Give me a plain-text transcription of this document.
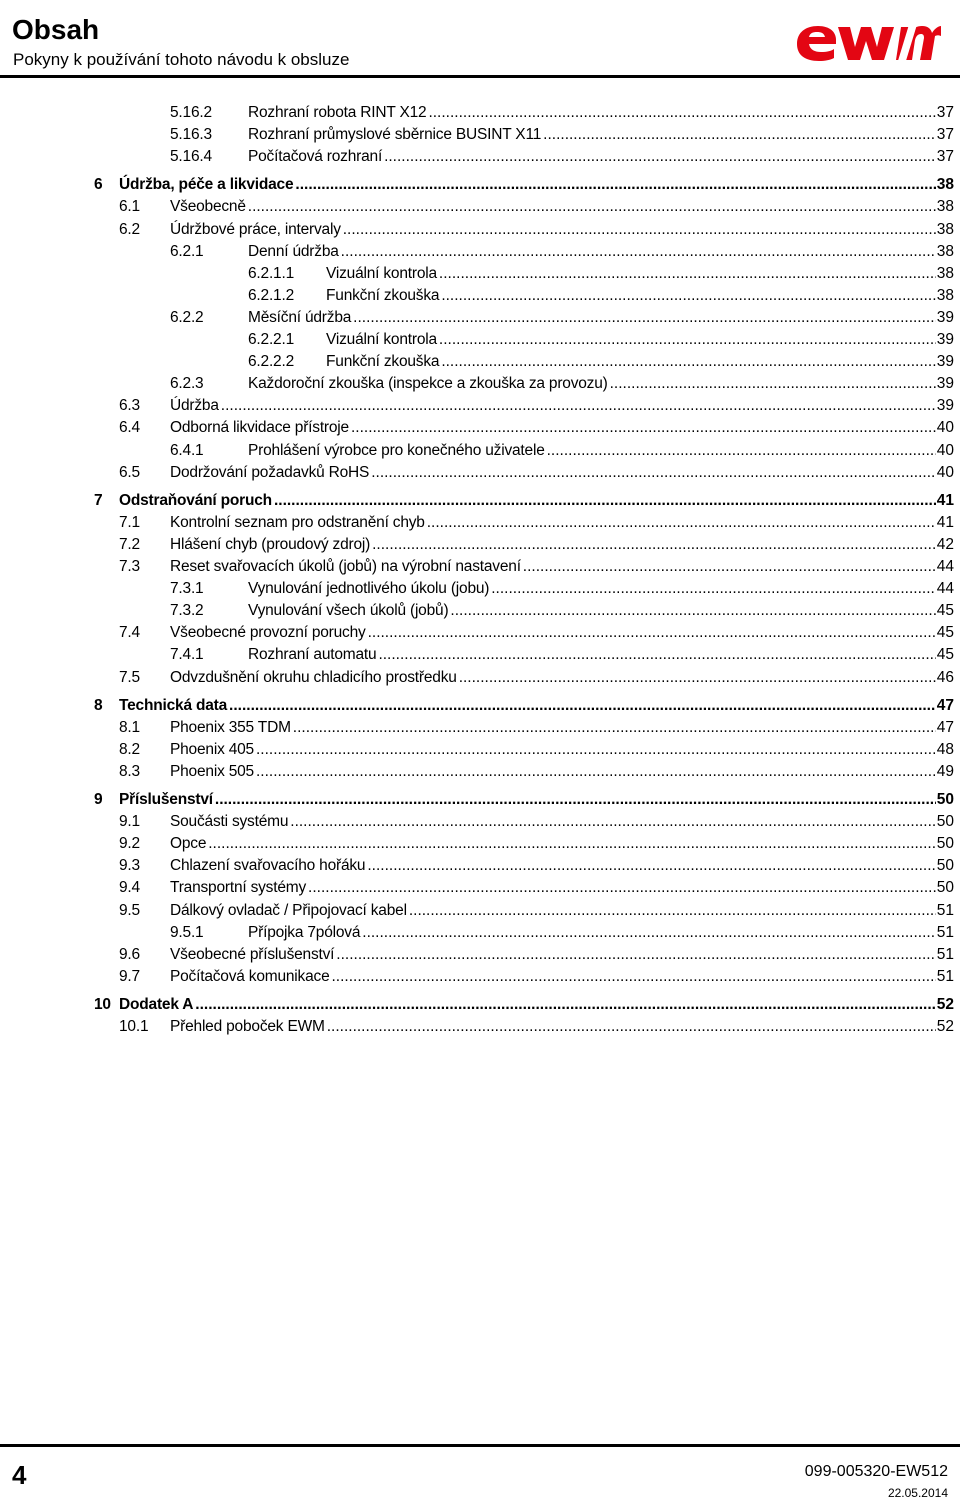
Obsah
Pokyny k používání tohoto návodu k obsluze
5.16.2 Rozhraní robota RINT X12 .....	37
5.16.3 Rozhraní průmyslové sběrnice BUSINT X11 .....	37
5.16.4 Počítačová rozhraní .....	37
6 Údržba, péče a likvidace .....	38
6.1 Všeobecně .....	38
6.2 Údržbové práce, intervaly .....	38
6.2.1	Denní údržba .....	38
6.2.1.1 Vizuální kontrola .....	38
6.2.1.2 Funkční zkouška .....	38
6.2.2	Měsíční údržba .....	39
6.2.2.1 Vizuální kontrola .....	39
6.2.2.2 Funkční zkouška .....	39
6.2.3	Každoroční zkouška (inspekce a zkouška za provozu) .....	39
6.3 Údržba .....	39
6.4 Odborná likvidace přístroje .....	40
6.4.1	Prohlášení výrobce pro konečného uživatele .....	40
6.5 Dodržování požadavků RoHS .....	40
7 Odstraňování poruch .....	41
7.1 Kontrolní seznam pro odstranění chyb .....	41
7.2 Hlášení chyb (proudový zdroj) .....	42
7.3 Reset svařovacích úkolů (jobů) na výrobní nastavení .....	44
7.3.1	Vynulování jednotlivého úkolu (jobu) .....	44
7.3.2	Vynulování všech úkolů (jobů) .....	45
7.4 Všeobecné provozní poruchy .....	45
7.4.1	Rozhraní automatu .....	45
7.5 Odvzdušnění okruhu chladicího prostředku .....	46
8 Technická data .....	47
8.1 Phoenix 355 TDM .....	47
8.2 Phoenix 405 .....	48
8.3 Phoenix 505 .....	49
9 Příslušenství .....	50
9.1 Součásti systému .....	50
9.2 Opce .....	50
9.3 Chlazení svařovacího hořáku .....	50
9.4 Transportní systémy .....	50
9.5 Dálkový ovladač / Připojovací kabel .....	51
9.5.1	Přípojka 7pólová .....	51
9.6 Všeobecné příslušenství .....	51
9.7 Počítačová komunikace .....	51
10 Dodatek A .....	52
10.1 Přehled poboček EWM .....	52
4	099-005320-EW512
22.05.2014
